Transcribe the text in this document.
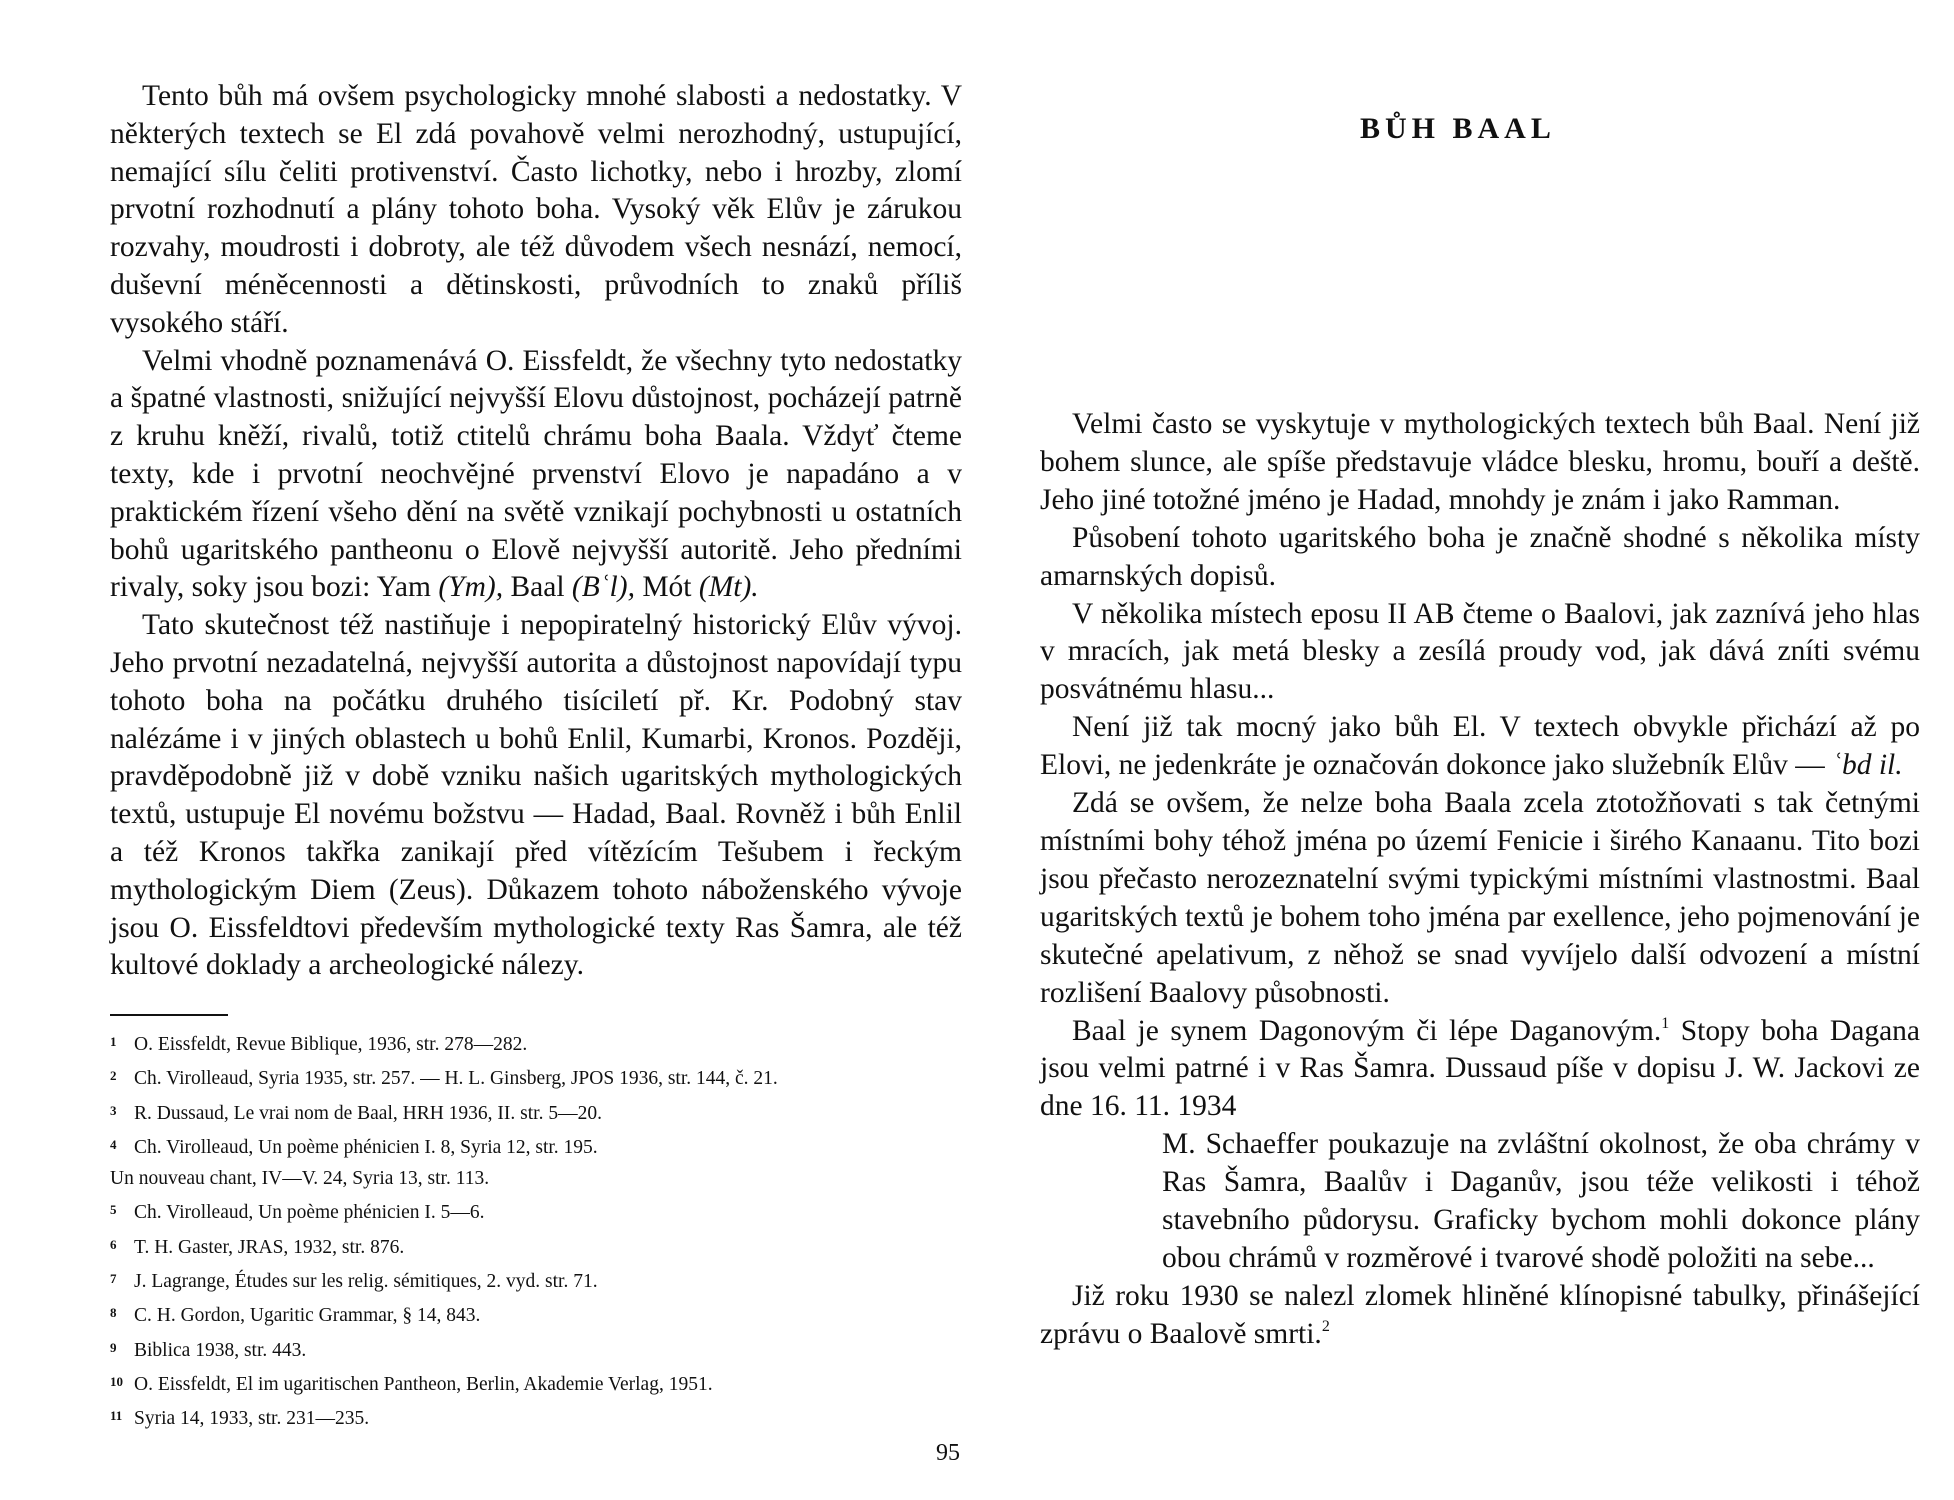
Tento bůh má ovšem psychologicky mnohé slabosti a nedostatky. V některých textech se El zdá povahově velmi nerozhodný, ustupující, nemající sílu čeliti protivenství. Často lichotky, nebo i hrozby, zlomí prvotní rozhodnutí a plány tohoto boha. Vysoký věk Elův je zárukou rozvahy, moudrosti i dobroty, ale též důvodem všech nesnází, nemocí, duševní méněcennosti a dětinskosti, průvodních to znaků příliš vysokého stáří.

Velmi vhodně poznamenává O. Eissfeldt, že všechny tyto nedostatky a špatné vlastnosti, snižující nejvyšší Elovu důstojnost, pocházejí patrně z kruhu kněží, rivalů, totiž ctitelů chrámu boha Baala. Vždyť čteme texty, kde i prvotní neochvějné prvenství Elovo je napadáno a v praktickém řízení všeho dění na světě vznikají pochybnosti u ostatních bohů ugaritského pantheonu o Elově nejvyšší autoritě. Jeho předními rivaly, soky jsou bozi: Yam (Ym), Baal (Bʿl), Mót (Mt).

Tato skutečnost též nastiňuje i nepopiratelný historický Elův vývoj. Jeho prvotní nezadatelná, nejvyšší autorita a důstojnost napovídají typu tohoto boha na počátku druhého tisíciletí př. Kr. Podobný stav nalézáme i v jiných oblastech u bohů Enlil, Kumarbi, Kronos. Později, pravděpodobně již v době vzniku našich ugaritských mythologických textů, ustupuje El novému božstvu — Hadad, Baal. Rovněž i bůh Enlil a též Kronos takřka zanikají před vítězícím Tešubem i řeckým mythologickým Diem (Zeus). Důkazem tohoto náboženského vývoje jsou O. Eissfeldtovi především mythologické texty Ras Šamra, ale též kultové doklady a archeologické nálezy.

1 O. Eissfeldt, Revue Biblique, 1936, str. 278—282.

2 Ch. Virolleaud, Syria 1935, str. 257. — H. L. Ginsberg, JPOS 1936, str. 144, č. 21.

3 R. Dussaud, Le vrai nom de Baal, HRH 1936, II. str. 5—20.

4 Ch. Virolleaud, Un poème phénicien I. 8, Syria 12, str. 195.

Un nouveau chant, IV—V. 24, Syria 13, str. 113.

5 Ch. Virolleaud, Un poème phénicien I. 5—6.

6 T. H. Gaster, JRAS, 1932, str. 876.

7 J. Lagrange, Études sur les relig. sémitiques, 2. vyd. str. 71.

8 C. H. Gordon, Ugaritic Grammar, § 14, 843.

9 Biblica 1938, str. 443.

10 O. Eissfeldt, El im ugaritischen Pantheon, Berlin, Akademie Verlag, 1951.

11 Syria 14, 1933, str. 231—235.

95
BŮH BAAL

Velmi často se vyskytuje v mythologických textech bůh Baal. Není již bohem slunce, ale spíše představuje vládce blesku, hromu, bouří a deště. Jeho jiné totožné jméno je Hadad, mnohdy je znám i jako Ramman.

Působení tohoto ugaritského boha je značně shodné s několika místy amarnských dopisů.

V několika místech eposu II AB čteme o Baalovi, jak zaznívá jeho hlas v mracích, jak metá blesky a zesílá proudy vod, jak dává zníti svému posvátnému hlasu...

Není již tak mocný jako bůh El. V textech obvykle přichází až po Elovi, ne jedenkráte je označován dokonce jako služebník Elův — ʿbd il.

Zdá se ovšem, že nelze boha Baala zcela ztotožňovati s tak četnými místními bohy téhož jména po území Fenicie i širého Kanaanu. Tito bozi jsou přečasto nerozeznatelní svými typickými místními vlastnostmi. Baal ugaritských textů je bohem toho jména par exellence, jeho pojmenování je skutečné apelativum, z něhož se snad vyvíjelo další odvození a místní rozlišení Baalovy působnosti.

Baal je synem Dagonovým či lépe Daganovým.$^1$ Stopy boha Dagana jsou velmi patrné i v Ras Šamra. Dussaud píše v dopisu J. W. Jackovi ze dne 16. 11. 1934

M. Schaeffer poukazuje na zvláštní okolnost, že oba chrámy v Ras Šamra, Baalův i Daganův, jsou téže velikosti i téhož stavebního půdorysu. Graficky bychom mohli dokonce plány obou chrámů v rozměrové i tvarové shodě položiti na sebe...

Již roku 1930 se nalezl zlomek hliněné klínopisné tabulky, přinášející zprávu o Baalově smrti.$^2$
